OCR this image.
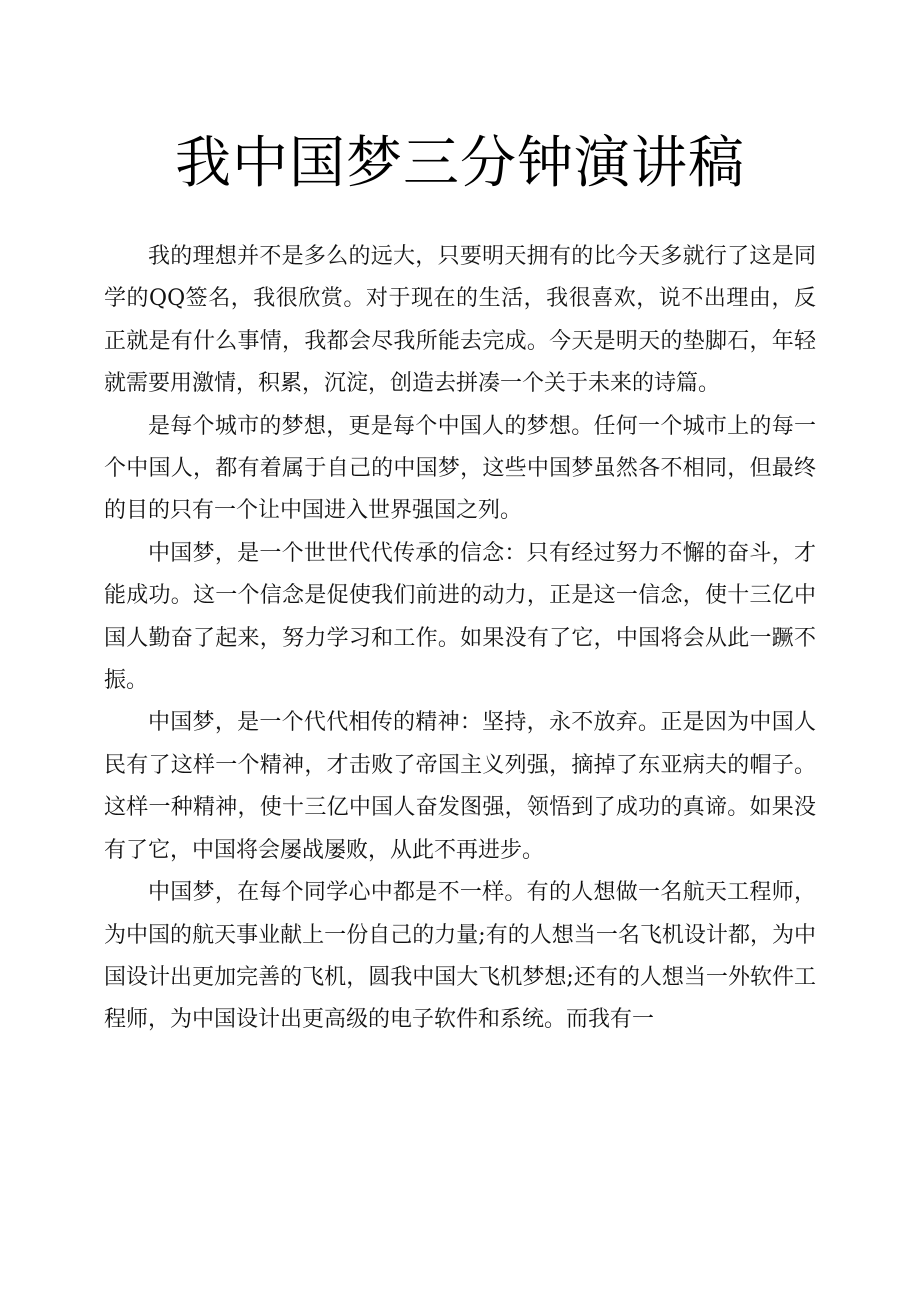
我中国梦三分钟演讲稿

我的理想并不是多么的远大，只要明天拥有的比今天多就行了这是同学的QQ签名，我很欣赏。对于现在的生活，我很喜欢，说不出理由，反正就是有什么事情，我都会尽我所能去完成。今天是明天的垫脚石，年轻就需要用激情，积累，沉淀，创造去拼凑一个关于未来的诗篇。

是每个城市的梦想，更是每个中国人的梦想。任何一个城市上的每一个中国人，都有着属于自己的中国梦，这些中国梦虽然各不相同，但最终的目的只有一个让中国进入世界强国之列。

中国梦，是一个世世代代传承的信念：只有经过努力不懈的奋斗，才能成功。这一个信念是促使我们前进的动力，正是这一信念，使十三亿中国人勤奋了起来，努力学习和工作。如果没有了它，中国将会从此一蹶不振。

中国梦，是一个代代相传的精神：坚持，永不放弃。正是因为中国人民有了这样一个精神，才击败了帝国主义列强，摘掉了东亚病夫的帽子。这样一种精神，使十三亿中国人奋发图强，领悟到了成功的真谛。如果没有了它，中国将会屡战屡败，从此不再进步。

中国梦，在每个同学心中都是不一样。有的人想做一名航天工程师，为中国的航天事业献上一份自己的力量;有的人想当一名飞机设计都，为中国设计出更加完善的飞机，圆我中国大飞机梦想;还有的人想当一外软件工程师，为中国设计出更高级的电子软件和系统。而我有一
